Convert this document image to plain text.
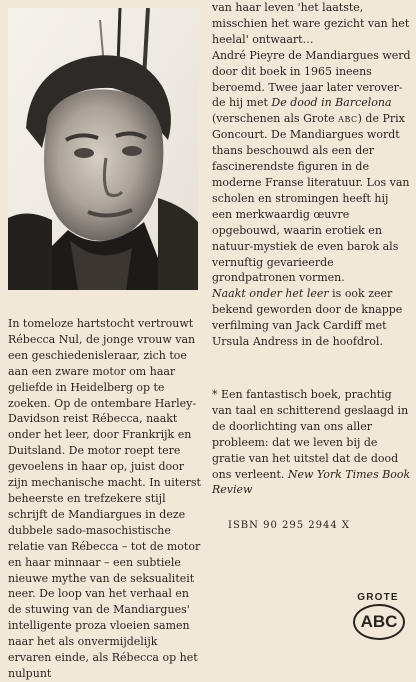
In tomeloze hartstocht vertrouwt Rébecca Nul, de jonge vrouw van een geschiedenisleraar, zich toe aan een zware motor om haar geliefde in Heidelberg op te zoeken. Op de ontembare Harley-Davidson reist Rébecca, naakt onder het leer, door Frankrijk en Duitsland. De motor roept tere gevoelens in haar op, juist door zijn mechanische macht. In uiterst beheerste en trefzekere stijl schrijft de Mandiargues in deze dubbele sado-masochistische relatie van Rébecca – tot de motor en haar minnaar – een subtiele nieuwe mythe van de seksualiteit neer. De loop van het verhaal en de stuwing van de Mandiargues' intelligente proza vloeien samen naar het als onvermijdelijk ervaren einde, als Rébecca op het nulpunt

van haar leven 'het laatste, misschien het ware gezicht van het heelal' ontwaart…

André Pieyre de Mandiargues werd door dit boek in 1965 ineens beroemd. Twee jaar later verover-de hij met De dood in Barcelona (verschenen als Grote abc) de Prix Goncourt. De Mandiargues wordt thans beschouwd als een der fascinerendste figuren in de moderne Franse literatuur. Los van scholen en stromingen heeft hij een merkwaardig œuvre opgebouwd, waarin erotiek en natuur-mystiek de even barok als vernuftig gevarieerde grondpatronen vormen.

Naakt onder het leer is ook zeer bekend geworden door de knappe verfilming van Jack Cardiff met Ursula Andress in de hoofdrol.

* Een fantastisch boek, prachtig van taal en schitterend geslaagd in de doorlichting van ons aller probleem: dat we leven bij de gratie van het uitstel dat de dood ons verleent. New York Times Book Review
ISBN 90 295 2944 X
GROTE
ABC
